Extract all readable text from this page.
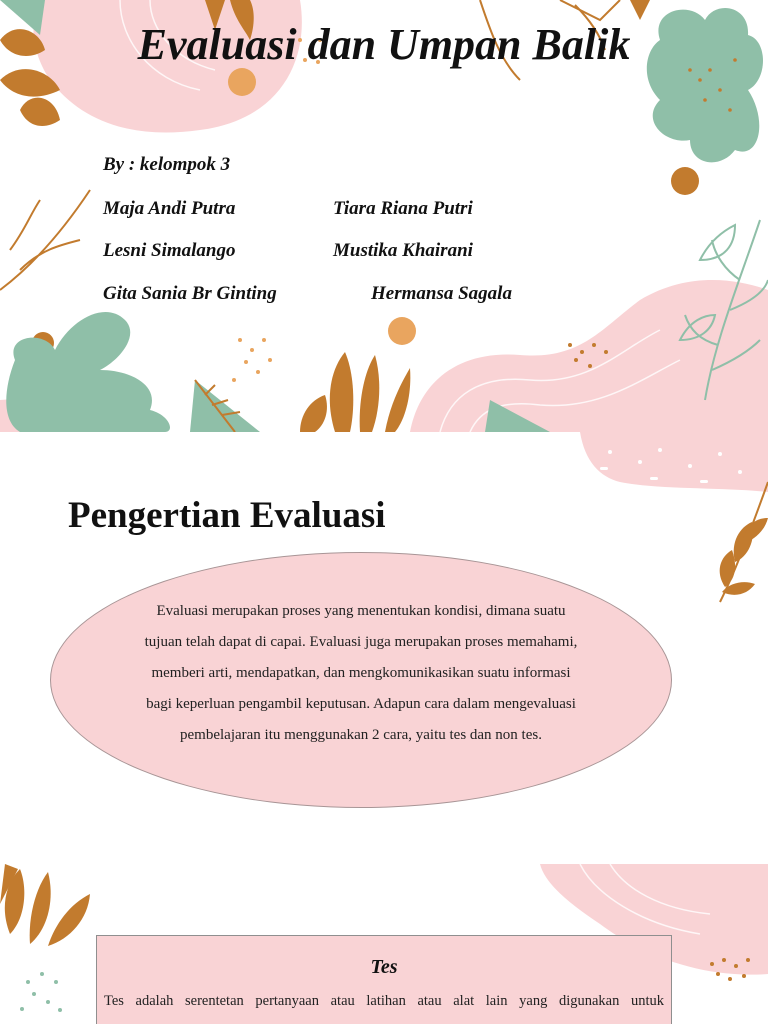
Evaluasi dan Umpan Balik
By : kelompok 3
Maja Andi Putra	Tiara Riana Putri
Lesni Simalango	Mustika Khairani
Gita Sania Br Ginting	Hermansa Sagala
Pengertian Evaluasi
Evaluasi merupakan proses yang menentukan kondisi, dimana suatu tujuan telah dapat di capai. Evaluasi juga merupakan proses memahami, memberi arti, mendapatkan, dan mengkomunikasikan suatu informasi bagi keperluan pengambil keputusan. Adapun cara dalam mengevaluasi pembelajaran itu menggunakan 2 cara, yaitu tes dan non tes.
Tes
Tes adalah serentetan pertanyaan atau latihan atau alat lain yang digunakan untuk
